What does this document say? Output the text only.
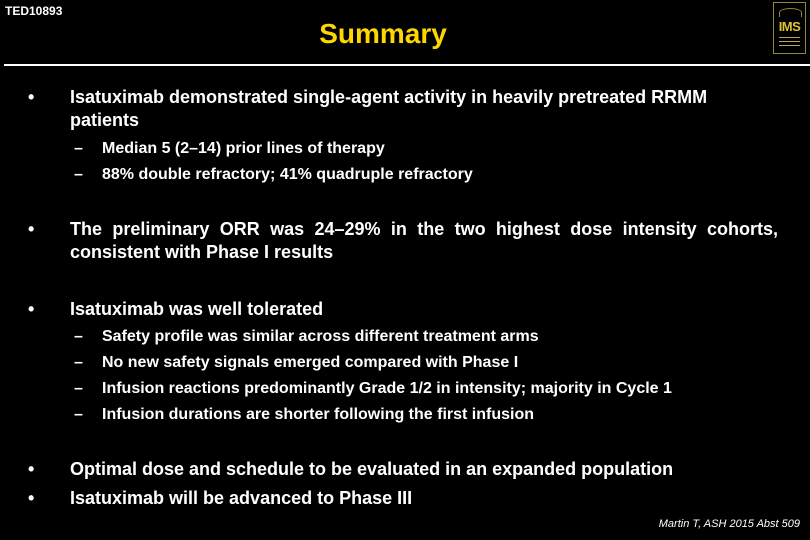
TED10893
Summary	IMS
•	Isatuximab demonstrated single-agent activity in heavily pretreated RRMM patients
– Median 5 (2–14) prior lines of therapy
– 88% double refractory; 41% quadruple refractory
•	The preliminary ORR was 24–29% in the two highest dose intensity cohorts, consistent with Phase I results
•	Isatuximab was well tolerated
– Safety profile was similar across different treatment arms
– No new safety signals emerged compared with Phase I
– Infusion reactions predominantly Grade 1/2 in intensity; majority in Cycle 1
– Infusion durations are shorter following the first infusion
•	Optimal dose and schedule to be evaluated in an expanded population
•	Isatuximab will be advanced to Phase III
Martin T, ASH 2015 Abst 509
